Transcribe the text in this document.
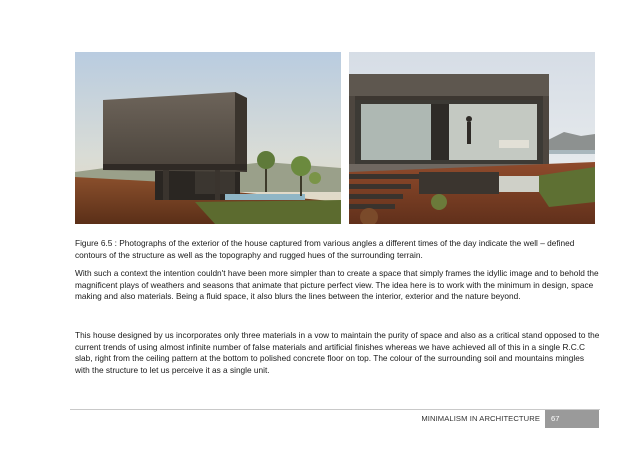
Figure 6.5 : Photographs of the exterior of the house captured from various angles a different times of the day indicate the well – defined contours of the structure as well as the topography and rugged hues of the surrounding terrain.
With such a context the intention couldn't have been more simpler than to create a space that simply frames the idyllic image and to behold the magnificent plays of weathers and seasons that animate that picture perfect view. The idea here is to work with the minimum in design, space making and also materials. Being a fluid space, it also blurs the lines between the interior, exterior and the nature beyond.
This house designed by us incorporates only three materials in a vow to maintain the purity of space and also as a critical stand opposed to the current trends of using almost infinite number of false materials and artificial finishes whereas we have achieved all of this in a single R.C.C slab, right from the ceiling pattern at the bottom to polished concrete floor on top. The colour of the surrounding soil and mountains mingles with the structure to let us perceive it as a single unit.
MINIMALISM IN ARCHITECTURE	67
